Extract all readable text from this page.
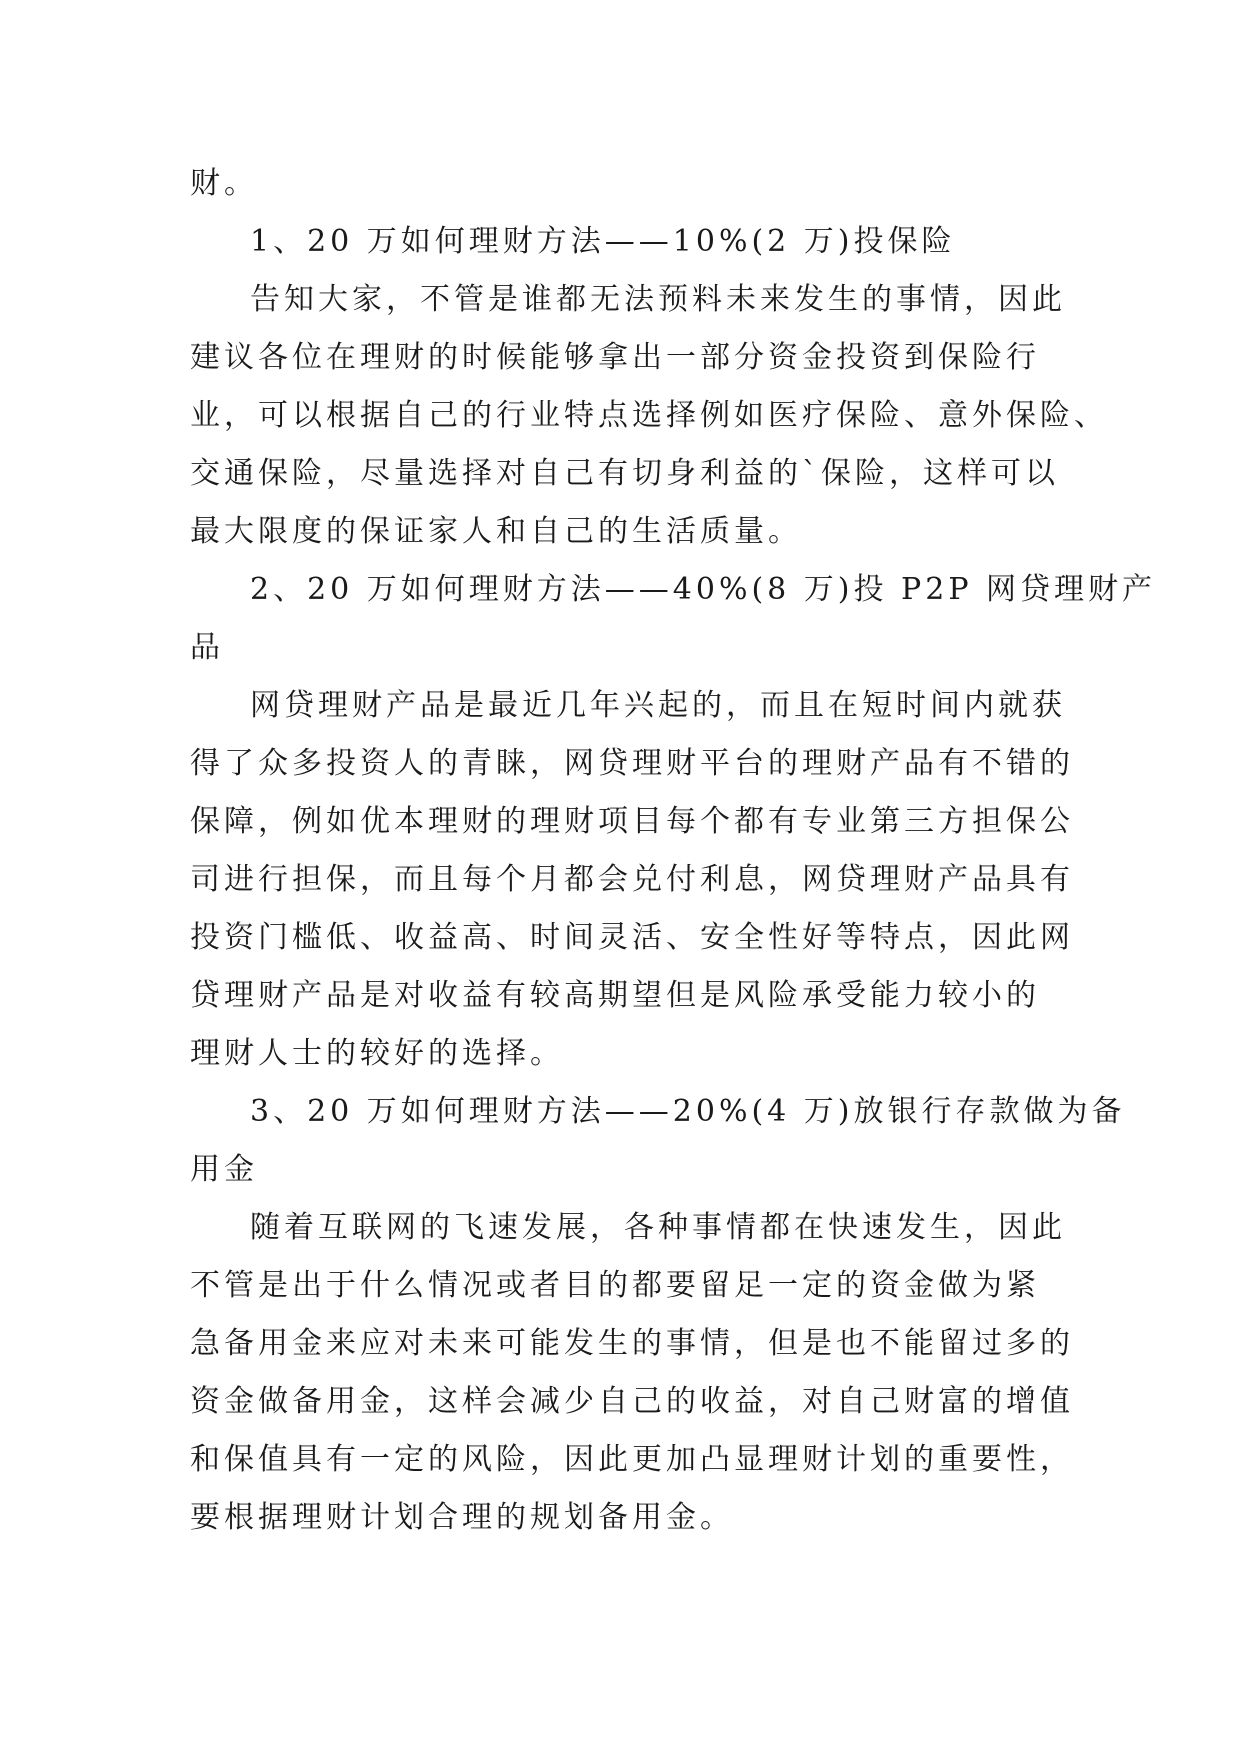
财。
1、20 万如何理财方法——10%(2 万)投保险
告知大家，不管是谁都无法预料未来发生的事情，因此
建议各位在理财的时候能够拿出一部分资金投资到保险行
业，可以根据自己的行业特点选择例如医疗保险、意外保险、
交通保险，尽量选择对自己有切身利益的`保险，这样可以
最大限度的保证家人和自己的生活质量。
2、20 万如何理财方法——40%(8 万)投 P2P 网贷理财产
品
网贷理财产品是最近几年兴起的，而且在短时间内就获
得了众多投资人的青睐，网贷理财平台的理财产品有不错的
保障，例如优本理财的理财项目每个都有专业第三方担保公
司进行担保，而且每个月都会兑付利息，网贷理财产品具有
投资门槛低、收益高、时间灵活、安全性好等特点，因此网
贷理财产品是对收益有较高期望但是风险承受能力较小的
理财人士的较好的选择。
3、20 万如何理财方法——20%(4 万)放银行存款做为备
用金
随着互联网的飞速发展，各种事情都在快速发生，因此
不管是出于什么情况或者目的都要留足一定的资金做为紧
急备用金来应对未来可能发生的事情，但是也不能留过多的
资金做备用金，这样会减少自己的收益，对自己财富的增值
和保值具有一定的风险，因此更加凸显理财计划的重要性，
要根据理财计划合理的规划备用金。
